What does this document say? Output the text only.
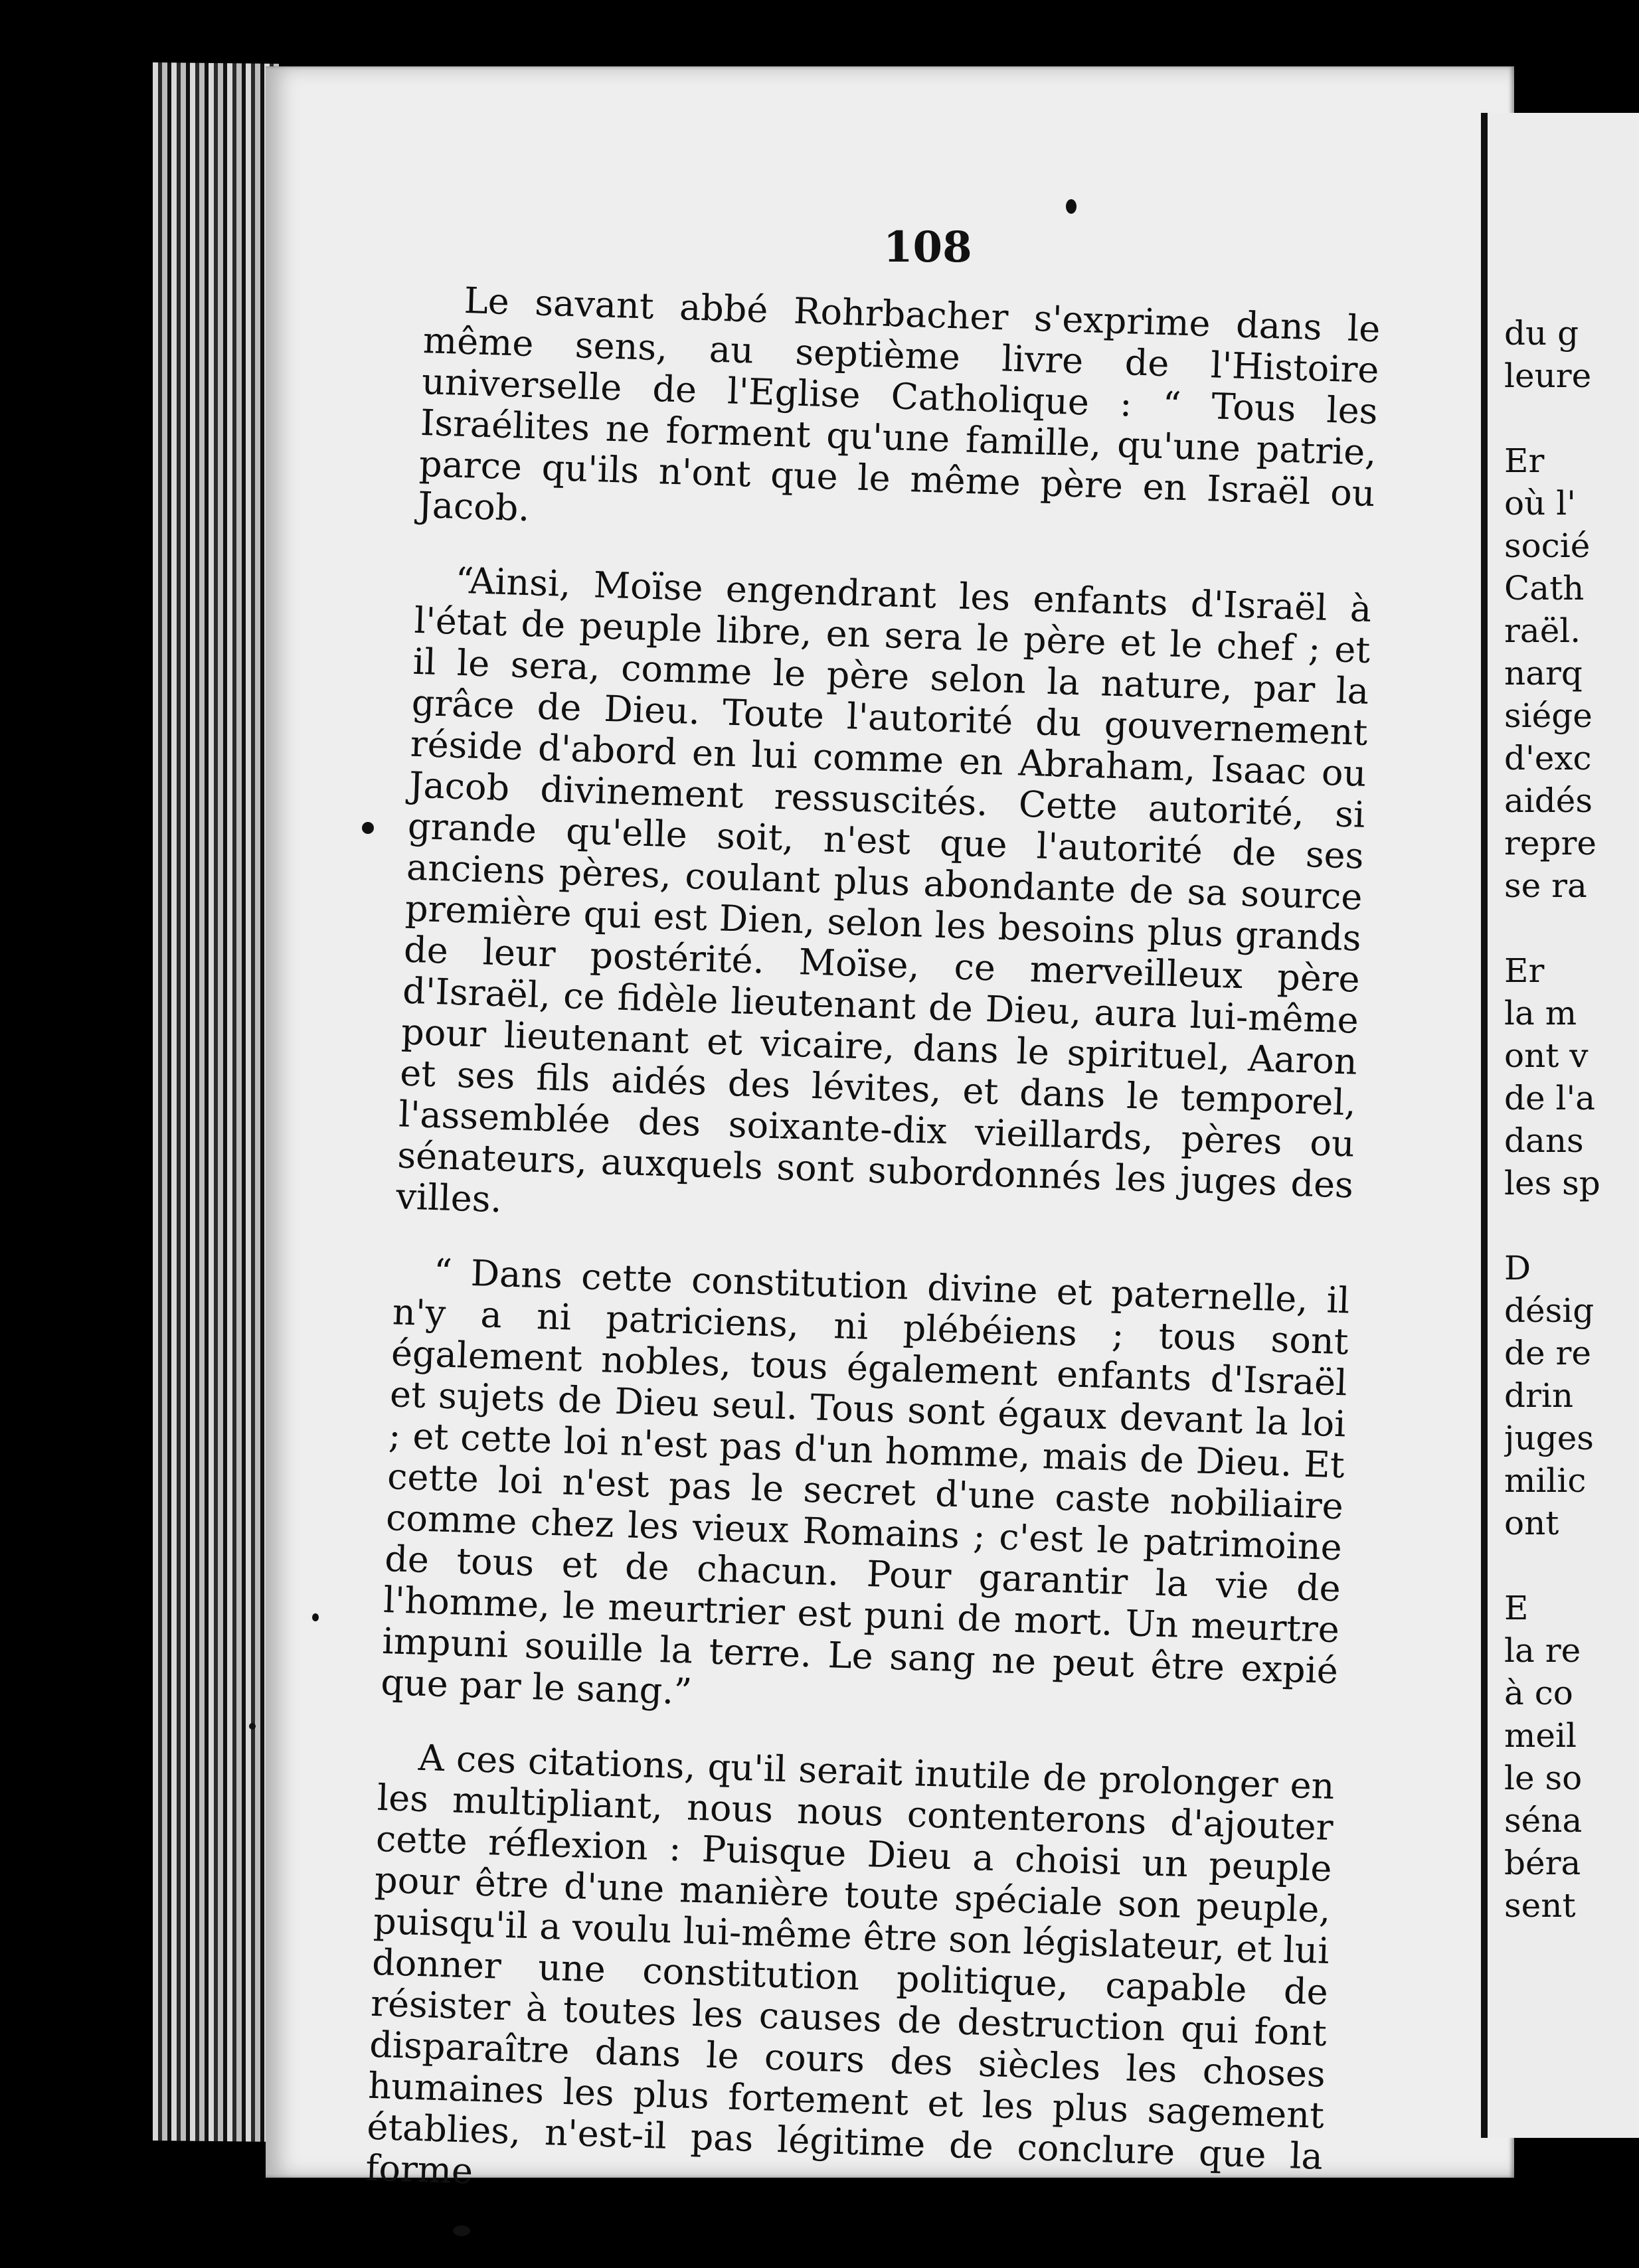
108

Le savant abbé Rohrbacher s'exprime dans le même sens, au septième livre de l'Histoire universelle de l'Eglise Catholique : “ Tous les Israélites ne forment qu'une famille, qu'une patrie, parce qu'ils n'ont que le même père en Israël ou Jacob.

“Ainsi, Moïse engendrant les enfants d'Israël à l'état de peuple libre, en sera le père et le chef ; et il le sera, comme le père selon la nature, par la grâce de Dieu. Toute l'autorité du gouvernement réside d'abord en lui comme en Abraham, Isaac ou Jacob divinement ressuscités. Cette autorité, si grande qu'elle soit, n'est que l'autorité de ses anciens pères, coulant plus abondante de sa source première qui est Dien, selon les besoins plus grands de leur postérité. Moïse, ce merveilleux père d'Israël, ce fidèle lieutenant de Dieu, aura lui-même pour lieutenant et vicaire, dans le spirituel, Aaron et ses fils aidés des lévites, et dans le temporel, l'assemblée des soixante-dix vieillards, pères ou sénateurs, auxquels sont subordonnés les juges des villes.

“ Dans cette constitution divine et paternelle, il n'y a ni patriciens, ni plébéiens ; tous sont également nobles, tous également enfants d'Israël et sujets de Dieu seul. Tous sont égaux devant la loi ; et cette loi n'est pas d'un homme, mais de Dieu. Et cette loi n'est pas le secret d'une caste nobiliaire comme chez les vieux Romains ; c'est le patrimoine de tous et de chacun. Pour garantir la vie de l'homme, le meurtrier est puni de mort. Un meurtre impuni souille la terre. Le sang ne peut être expié que par le sang.”

A ces citations, qu'il serait inutile de prolonger en les multipliant, nous nous contenterons d'ajouter cette réflexion : Puisque Dieu a choisi un peuple pour être d'une manière toute spéciale son peuple, puisqu'il a voulu lui-même être son législateur, et lui donner une constitution politique, capable de résister à toutes les causes de destruction qui font disparaître dans le cours des siècles les choses humaines les plus fortement et les plus sagement établies, n'est-il pas légitime de conclure que la forme

du g
leure

Er
où l'
socié
Cath
raël.
narq
siége
d'exc
aidés
repre
se ra

Er
la m
ont v
de l'a
dans
les sp

D
désig
de re
drin
juges
milic
ont

E
la re
à co
meil
le so
séna
béra
sent
